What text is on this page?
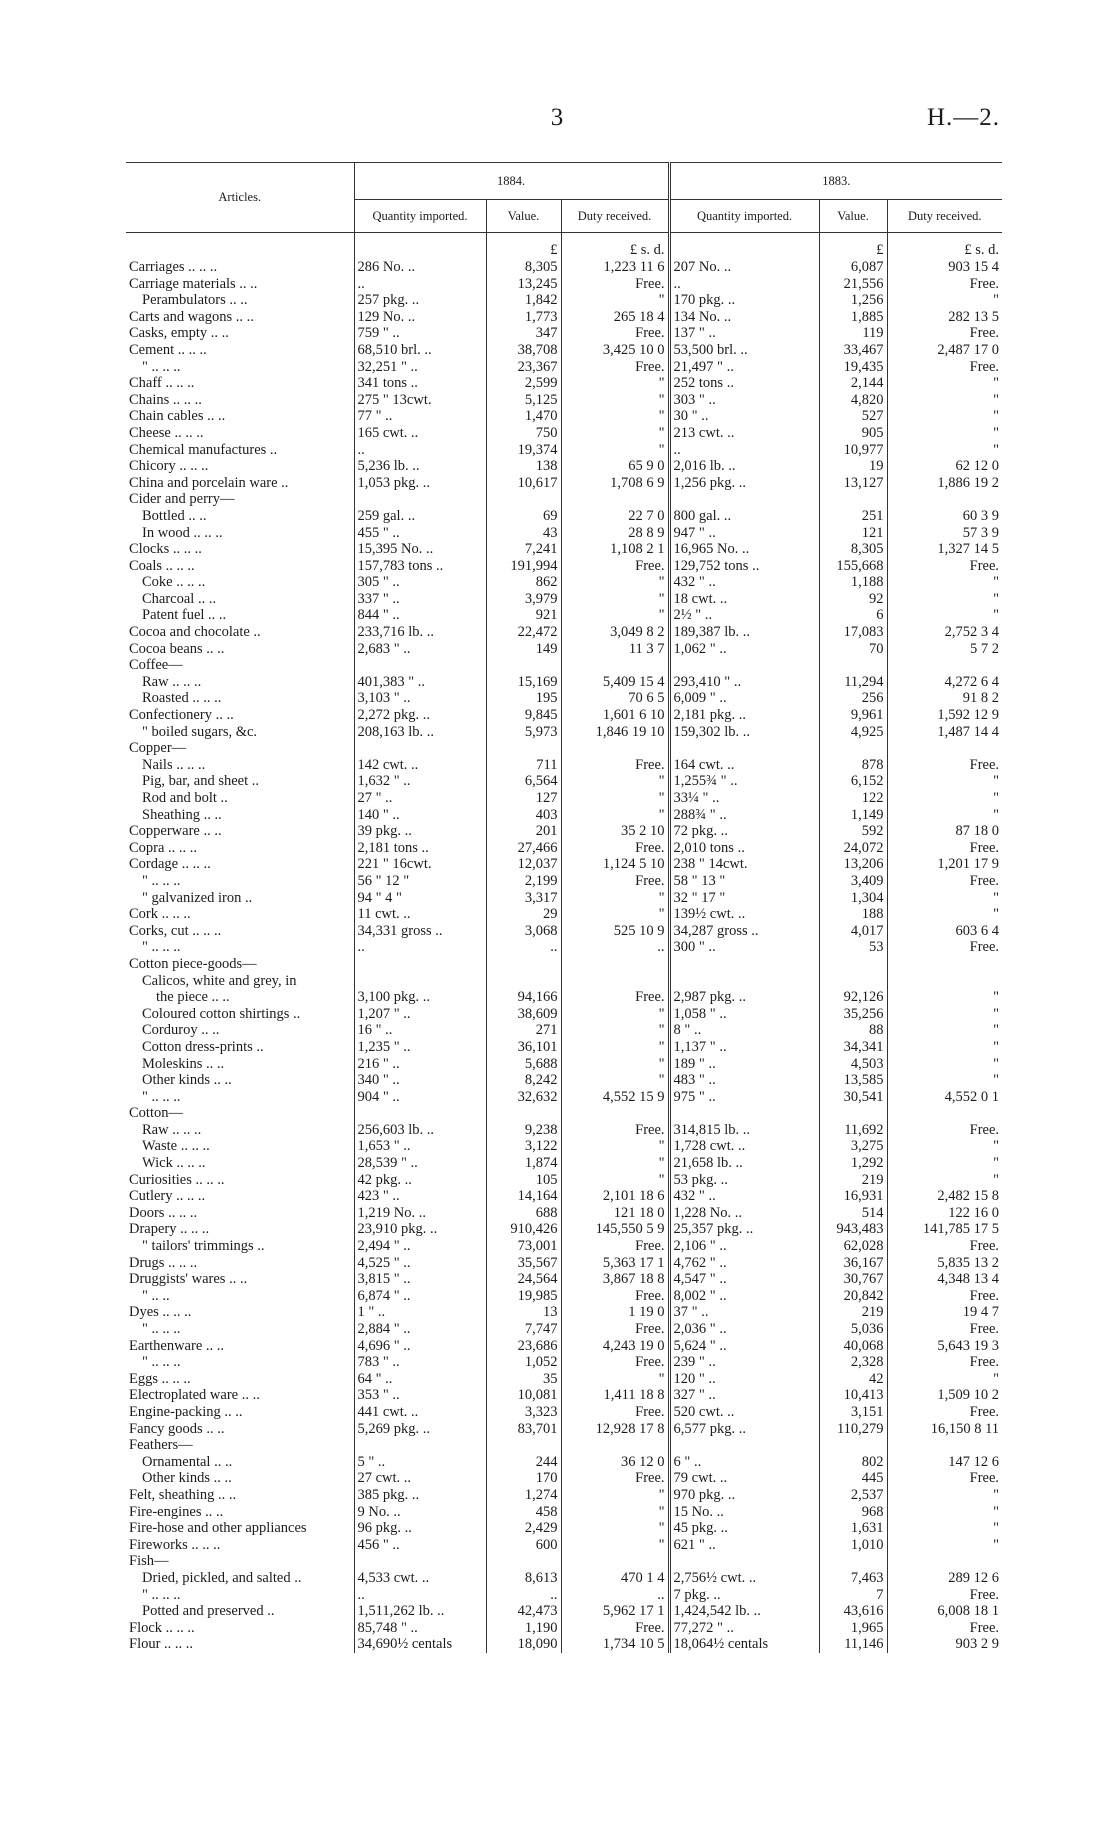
3	H.—2.
Articles.	1884.			1883.		
	Quantity imported.	Value.	Duty received.	Quantity imported.	Value.	Duty received.
		£	£ s. d.		£	£ s. d.
Carriages .. .. ..	286 No. ..	8,305	1,223 11 6	207 No. ..	6,087	903 15 4
Carriage materials .. ..	..	13,245	Free.	..	21,556	Free.
Perambulators .. ..	257 pkg. ..	1,842	"	170 pkg. ..	1,256	"
Carts and wagons .. ..	129 No. ..	1,773	265 18 4	134 No. ..	1,885	282 13 5
Casks, empty .. ..	759 " ..	347	Free.	137 " ..	119	Free.
Cement .. .. ..	68,510 brl. ..	38,708	3,425 10 0	53,500 brl. ..	33,467	2,487 17 0
" .. .. ..	32,251 " ..	23,367	Free.	21,497 " ..	19,435	Free.
Chaff .. .. ..	341 tons ..	2,599	"	252 tons ..	2,144	"
Chains .. .. ..	275 " 13cwt.	5,125	"	303 " ..	4,820	"
Chain cables .. ..	77 " ..	1,470	"	30 " ..	527	"
Cheese .. .. ..	165 cwt. ..	750	"	213 cwt. ..	905	"
Chemical manufactures ..	..	19,374	"	..	10,977	"
Chicory .. .. ..	5,236 lb. ..	138	65 9 0	2,016 lb. ..	19	62 12 0
China and porcelain ware ..	1,053 pkg. ..	10,617	1,708 6 9	1,256 pkg. ..	13,127	1,886 19 2
Cider and perry—						
Bottled .. ..	259 gal. ..	69	22 7 0	800 gal. ..	251	60 3 9
In wood .. .. ..	455 " ..	43	28 8 9	947 " ..	121	57 3 9
Clocks .. .. ..	15,395 No. ..	7,241	1,108 2 1	16,965 No. ..	8,305	1,327 14 5
Coals .. .. ..	157,783 tons ..	191,994	Free.	129,752 tons ..	155,668	Free.
Coke .. .. ..	305 " ..	862	"	432 " ..	1,188	"
Charcoal .. ..	337 " ..	3,979	"	18 cwt. ..	92	"
Patent fuel .. ..	844 " ..	921	"	2½ " ..	6	"
Cocoa and chocolate ..	233,716 lb. ..	22,472	3,049 8 2	189,387 lb. ..	17,083	2,752 3 4
Cocoa beans .. ..	2,683 " ..	149	11 3 7	1,062 " ..	70	5 7 2
Coffee—						
Raw .. .. ..	401,383 " ..	15,169	5,409 15 4	293,410 " ..	11,294	4,272 6 4
Roasted .. .. ..	3,103 " ..	195	70 6 5	6,009 " ..	256	91 8 2
Confectionery .. ..	2,272 pkg. ..	9,845	1,601 6 10	2,181 pkg. ..	9,961	1,592 12 9
" boiled sugars, &c.	208,163 lb. ..	5,973	1,846 19 10	159,302 lb. ..	4,925	1,487 14 4
Copper—						
Nails .. .. ..	142 cwt. ..	711	Free.	164 cwt. ..	878	Free.
Pig, bar, and sheet ..	1,632 " ..	6,564	"	1,255¾ " ..	6,152	"
Rod and bolt ..	27 " ..	127	"	33¼ " ..	122	"
Sheathing .. ..	140 " ..	403	"	288¾ " ..	1,149	"
Copperware .. ..	39 pkg. ..	201	35 2 10	72 pkg. ..	592	87 18 0
Copra .. .. ..	2,181 tons ..	27,466	Free.	2,010 tons ..	24,072	Free.
Cordage .. .. ..	221 " 16cwt.	12,037	1,124 5 10	238 " 14cwt.	13,206	1,201 17 9
" .. .. ..	56 " 12 "	2,199	Free.	58 " 13 "	3,409	Free.
" galvanized iron ..	94 " 4 "	3,317	"	32 " 17 "	1,304	"
Cork .. .. ..	11 cwt. ..	29	"	139½ cwt. ..	188	"
Corks, cut .. .. ..	34,331 gross ..	3,068	525 10 9	34,287 gross ..	4,017	603 6 4
" .. .. ..	..	..	..	300 " ..	53	Free.
Cotton piece-goods—						
Calicos, white and grey, in						
the piece .. ..	3,100 pkg. ..	94,166	Free.	2,987 pkg. ..	92,126	"
Coloured cotton shirtings ..	1,207 " ..	38,609	"	1,058 " ..	35,256	"
Corduroy .. ..	16 " ..	271	"	8 " ..	88	"
Cotton dress-prints ..	1,235 " ..	36,101	"	1,137 " ..	34,341	"
Moleskins .. ..	216 " ..	5,688	"	189 " ..	4,503	"
Other kinds .. ..	340 " ..	8,242	"	483 " ..	13,585	"
" .. .. ..	904 " ..	32,632	4,552 15 9	975 " ..	30,541	4,552 0 1
Cotton—						
Raw .. .. ..	256,603 lb. ..	9,238	Free.	314,815 lb. ..	11,692	Free.
Waste .. .. ..	1,653 " ..	3,122	"	1,728 cwt. ..	3,275	"
Wick .. .. ..	28,539 " ..	1,874	"	21,658 lb. ..	1,292	"
Curiosities .. .. ..	42 pkg. ..	105	"	53 pkg. ..	219	"
Cutlery .. .. ..	423 " ..	14,164	2,101 18 6	432 " ..	16,931	2,482 15 8
Doors .. .. ..	1,219 No. ..	688	121 18 0	1,228 No. ..	514	122 16 0
Drapery .. .. ..	23,910 pkg. ..	910,426	145,550 5 9	25,357 pkg. ..	943,483	141,785 17 5
" tailors' trimmings ..	2,494 " ..	73,001	Free.	2,106 " ..	62,028	Free.
Drugs .. .. ..	4,525 " ..	35,567	5,363 17 1	4,762 " ..	36,167	5,835 13 2
Druggists' wares .. ..	3,815 " ..	24,564	3,867 18 8	4,547 " ..	30,767	4,348 13 4
" .. ..	6,874 " ..	19,985	Free.	8,002 " ..	20,842	Free.
Dyes .. .. ..	1 " ..	13	1 19 0	37 " ..	219	19 4 7
" .. .. ..	2,884 " ..	7,747	Free.	2,036 " ..	5,036	Free.
Earthenware .. ..	4,696 " ..	23,686	4,243 19 0	5,624 " ..	40,068	5,643 19 3
" .. .. ..	783 " ..	1,052	Free.	239 " ..	2,328	Free.
Eggs .. .. ..	64 " ..	35	"	120 " ..	42	"
Electroplated ware .. ..	353 " ..	10,081	1,411 18 8	327 " ..	10,413	1,509 10 2
Engine-packing .. ..	441 cwt. ..	3,323	Free.	520 cwt. ..	3,151	Free.
Fancy goods .. ..	5,269 pkg. ..	83,701	12,928 17 8	6,577 pkg. ..	110,279	16,150 8 11
Feathers—						
Ornamental .. ..	5 " ..	244	36 12 0	6 " ..	802	147 12 6
Other kinds .. ..	27 cwt. ..	170	Free.	79 cwt. ..	445	Free.
Felt, sheathing .. ..	385 pkg. ..	1,274	"	970 pkg. ..	2,537	"
Fire-engines .. ..	9 No. ..	458	"	15 No. ..	968	"
Fire-hose and other appliances	96 pkg. ..	2,429	"	45 pkg. ..	1,631	"
Fireworks .. .. ..	456 " ..	600	"	621 " ..	1,010	"
Fish—						
Dried, pickled, and salted ..	4,533 cwt. ..	8,613	470 1 4	2,756½ cwt. ..	7,463	289 12 6
" .. .. ..	..	..	..	7 pkg. ..	7	Free.
Potted and preserved ..	1,511,262 lb. ..	42,473	5,962 17 1	1,424,542 lb. ..	43,616	6,008 18 1
Flock .. .. ..	85,748 " ..	1,190	Free.	77,272 " ..	1,965	Free.
Flour .. .. ..	34,690½ centals	18,090	1,734 10 5	18,064½ centals	11,146	903 2 9
